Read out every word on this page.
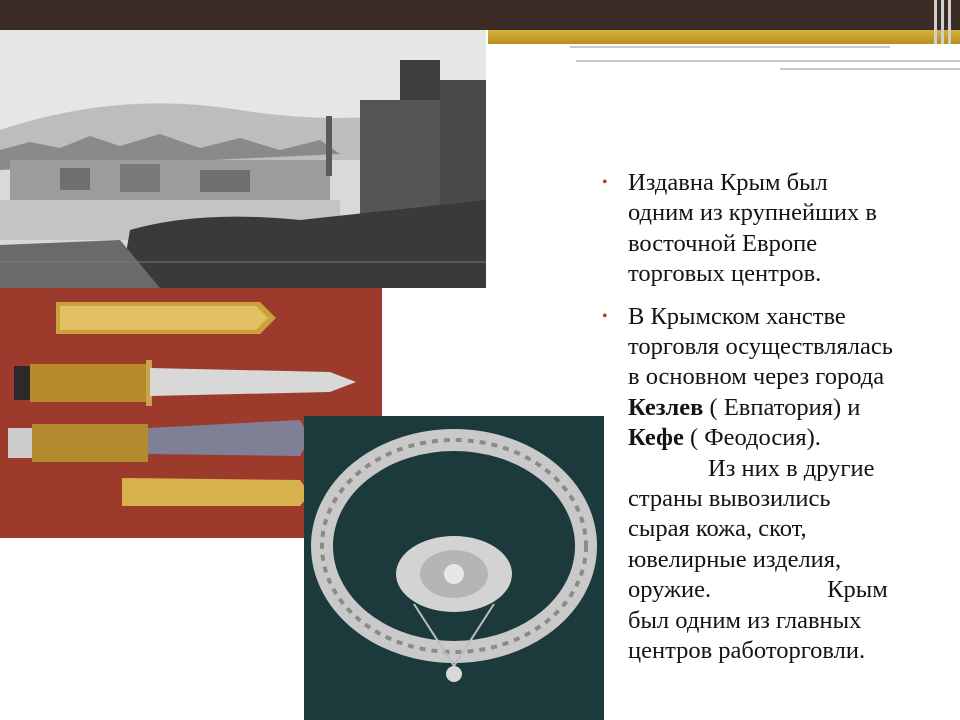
• Издавна Крым был
одним из крупнейших в
восточной Европе
торговых центров.
• В Крымском ханстве
торговля осуществлялась
в основном через города
Кезлев ( Евпатория) и
Кефе ( Феодосия).
Из них в другие
страны вывозились
сырая кожа, скот,
ювелирные изделия,
оружие.	Крым
был одним из главных
центров работорговли.
